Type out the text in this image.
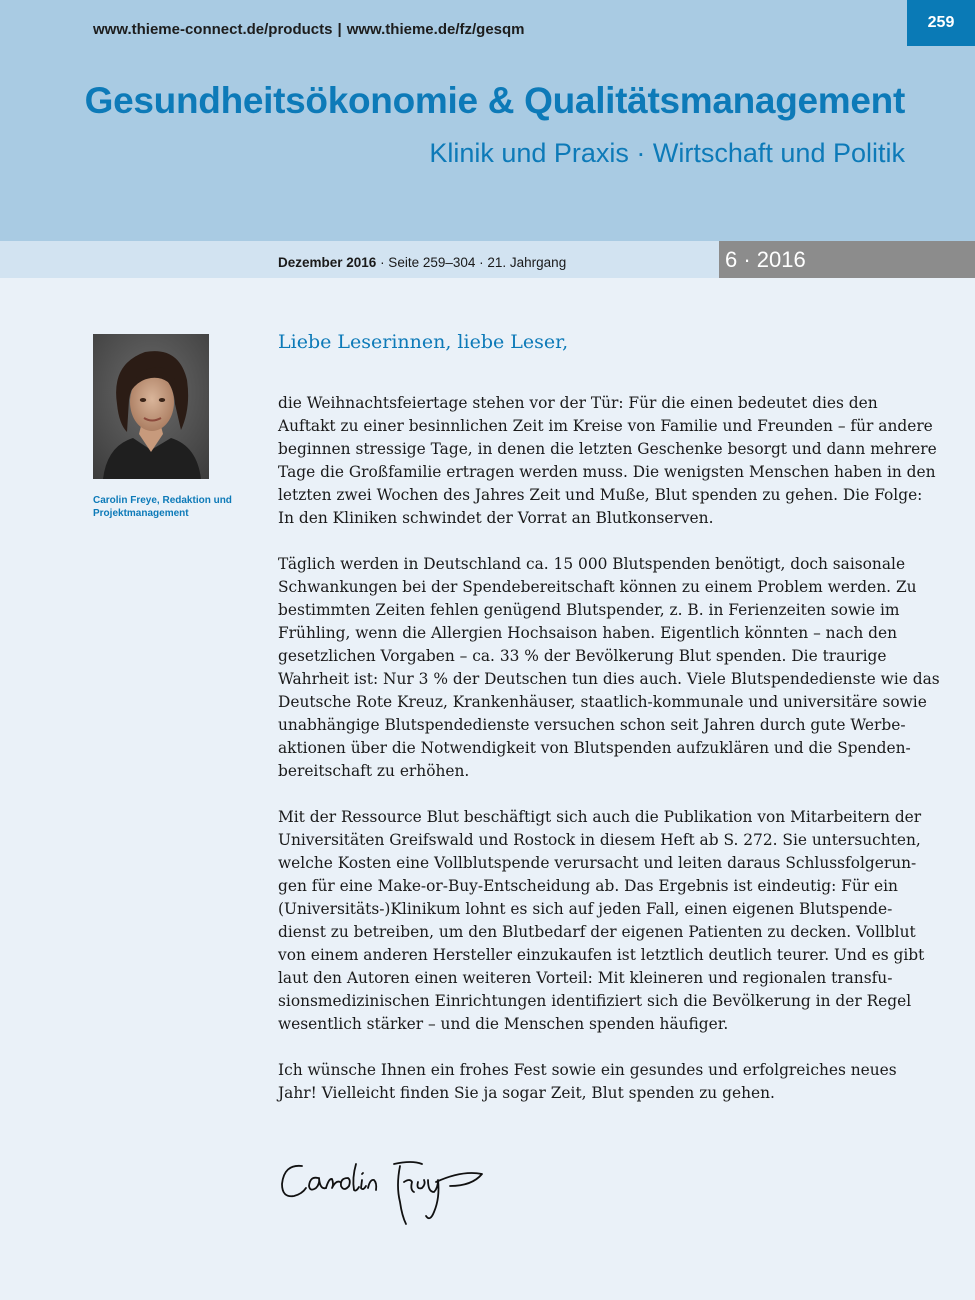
www.thieme-connect.de/products | www.thieme.de/fz/gesqm	259
Gesundheitsökonomie & Qualitätsmanagement
Klinik und Praxis · Wirtschaft und Politik
Dezember 2016 · Seite 259–304 · 21. Jahrgang	6 · 2016
Carolin Freye, Redaktion und Projektmanagement
Liebe Leserinnen, liebe Leser,

die Weihnachtsfeiertage stehen vor der Tür: Für die einen bedeutet dies den
Auftakt zu einer besinnlichen Zeit im Kreise von Familie und Freunden – für andere
beginnen stressige Tage, in denen die letzten Geschenke besorgt und dann mehrere
Tage die Großfamilie ertragen werden muss. Die wenigsten Menschen haben in den
letzten zwei Wochen des Jahres Zeit und Muße, Blut spenden zu gehen. Die Folge:
In den Kliniken schwindet der Vorrat an Blutkonserven.

Täglich werden in Deutschland ca. 15 000 Blutspenden benötigt, doch saisonale
Schwankungen bei der Spendebereitschaft können zu einem Problem werden. Zu
bestimmten Zeiten fehlen genügend Blutspender, z. B. in Ferienzeiten sowie im
Frühling, wenn die Allergien Hochsaison haben. Eigentlich könnten – nach den
gesetzlichen Vorgaben – ca. 33 % der Bevölkerung Blut spenden. Die traurige
Wahrheit ist: Nur 3 % der Deutschen tun dies auch. Viele Blutspendedienste wie das
Deutsche Rote Kreuz, Krankenhäuser, staatlich-kommunale und universitäre sowie
unabhängige Blutspendedienste versuchen schon seit Jahren durch gute Werbe-
aktionen über die Notwendigkeit von Blutspenden aufzuklären und die Spenden-
bereitschaft zu erhöhen.

Mit der Ressource Blut beschäftigt sich auch die Publikation von Mitarbeitern der
Universitäten Greifswald und Rostock in diesem Heft ab S. 272. Sie untersuchten,
welche Kosten eine Vollblutspende verursacht und leiten daraus Schlussfolgerun-
gen für eine Make-or-Buy-Entscheidung ab. Das Ergebnis ist eindeutig: Für ein
(Universitäts-)Klinikum lohnt es sich auf jeden Fall, einen eigenen Blutspende-
dienst zu betreiben, um den Blutbedarf der eigenen Patienten zu decken. Vollblut
von einem anderen Hersteller einzukaufen ist letztlich deutlich teurer. Und es gibt
laut den Autoren einen weiteren Vorteil: Mit kleineren und regionalen transfu-
sionsmedizinischen Einrichtungen identifiziert sich die Bevölkerung in der Regel
wesentlich stärker – und die Menschen spenden häufiger.

Ich wünsche Ihnen ein frohes Fest sowie ein gesundes und erfolgreiches neues
Jahr! Vielleicht finden Sie ja sogar Zeit, Blut spenden zu gehen.
